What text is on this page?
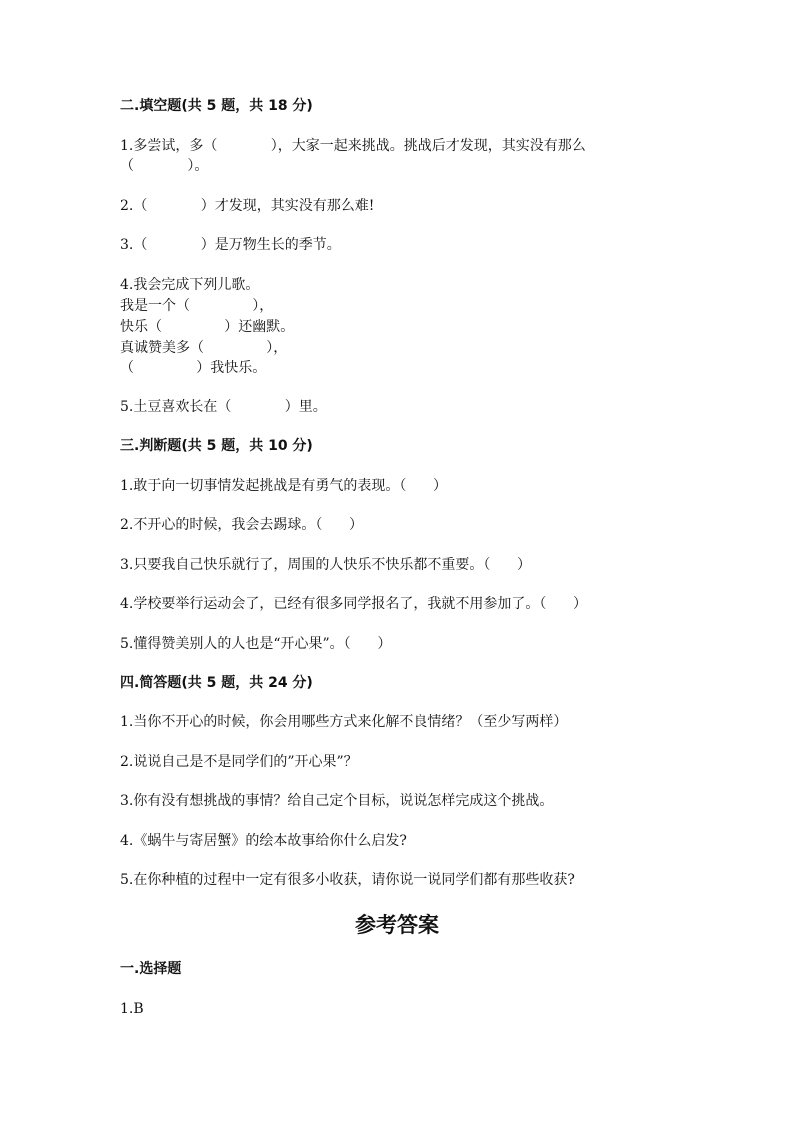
二.填空题(共 5 题，共 18 分)
1.多尝试，多（            ），大家一起来挑战。挑战后才发现，其实没有那么
（            ）。
2.（            ）才发现，其实没有那么难!
3.（            ）是万物生长的季节。
4.我会完成下列儿歌。
我是一个（              ），
快乐（              ）还幽默。
真诚赞美多（              ），
（              ）我快乐。
5.土豆喜欢长在（            ）里。
三.判断题(共 5 题，共 10 分)
1.敢于向一切事情发起挑战是有勇气的表现。（      ）
2.不开心的时候，我会去踢球。（      ）
3.只要我自己快乐就行了，周围的人快乐不快乐都不重要。（      ）
4.学校要举行运动会了，已经有很多同学报名了，我就不用参加了。（      ）
5.懂得赞美别人的人也是“开心果”。（      ）
四.简答题(共 5 题，共 24 分)
1.当你不开心的时候，你会用哪些方式来化解不良情绪？（至少写两样）
2.说说自己是不是同学们的”开心果”？
3.你有没有想挑战的事情？给自己定个目标，说说怎样完成这个挑战。
4.《蜗牛与寄居蟹》的绘本故事给你什么启发?
5.在你种植的过程中一定有很多小收获，请你说一说同学们都有那些收获?
参考答案
一.选择题
1.B
